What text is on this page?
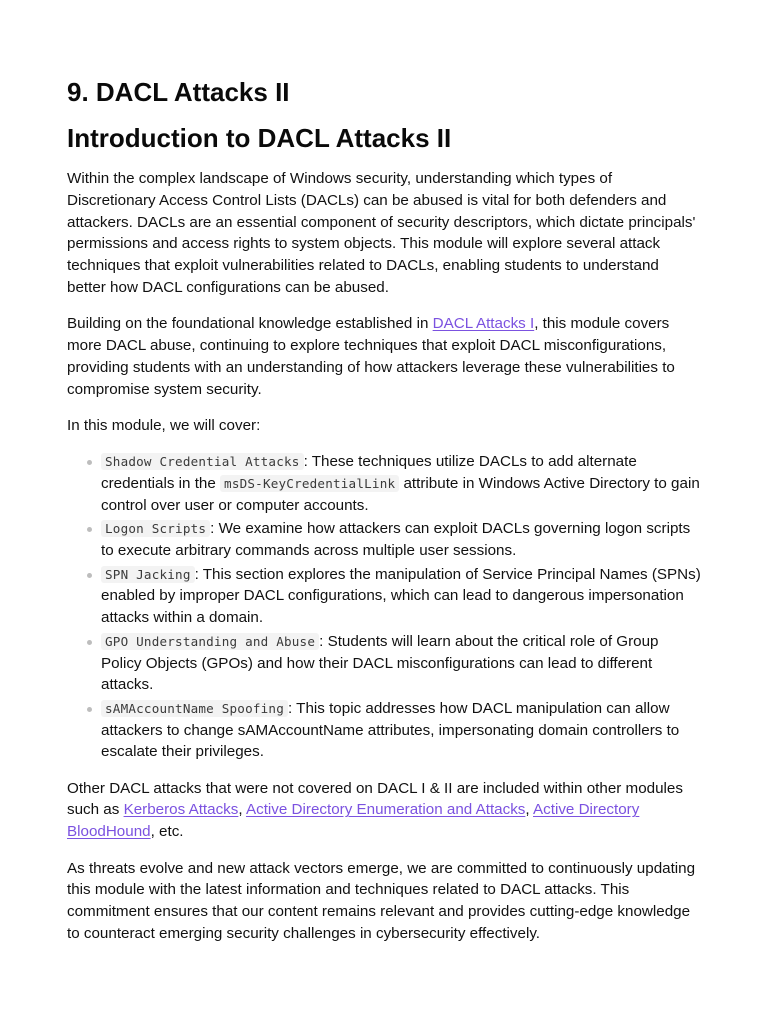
9. DACL Attacks II
Introduction to DACL Attacks II

Within the complex landscape of Windows security, understanding which types of Discretionary Access Control Lists (DACLs) can be abused is vital for both defenders and attackers. DACLs are an essential component of security descriptors, which dictate principals' permissions and access rights to system objects. This module will explore several attack techniques that exploit vulnerabilities related to DACLs, enabling students to understand better how DACL configurations can be abused.

Building on the foundational knowledge established in DACL Attacks I, this module covers more DACL abuse, continuing to explore techniques that exploit DACL misconfigurations, providing students with an understanding of how attackers leverage these vulnerabilities to compromise system security.

In this module, we will cover:

Shadow Credential Attacks : These techniques utilize DACLs to add alternate credentials in the msDS-KeyCredentialLink attribute in Windows Active Directory to gain control over user or computer accounts.
Logon Scripts : We examine how attackers can exploit DACLs governing logon scripts to execute arbitrary commands across multiple user sessions.
SPN Jacking : This section explores the manipulation of Service Principal Names (SPNs) enabled by improper DACL configurations, which can lead to dangerous impersonation attacks within a domain.
GPO Understanding and Abuse : Students will learn about the critical role of Group Policy Objects (GPOs) and how their DACL misconfigurations can lead to different attacks.
sAMAccountName Spoofing : This topic addresses how DACL manipulation can allow attackers to change sAMAccountName attributes, impersonating domain controllers to escalate their privileges.

Other DACL attacks that were not covered on DACL I & II are included within other modules such as Kerberos Attacks, Active Directory Enumeration and Attacks, Active Directory BloodHound, etc.

As threats evolve and new attack vectors emerge, we are committed to continuously updating this module with the latest information and techniques related to DACL attacks. This commitment ensures that our content remains relevant and provides cutting-edge knowledge to counteract emerging security challenges in cybersecurity effectively.
